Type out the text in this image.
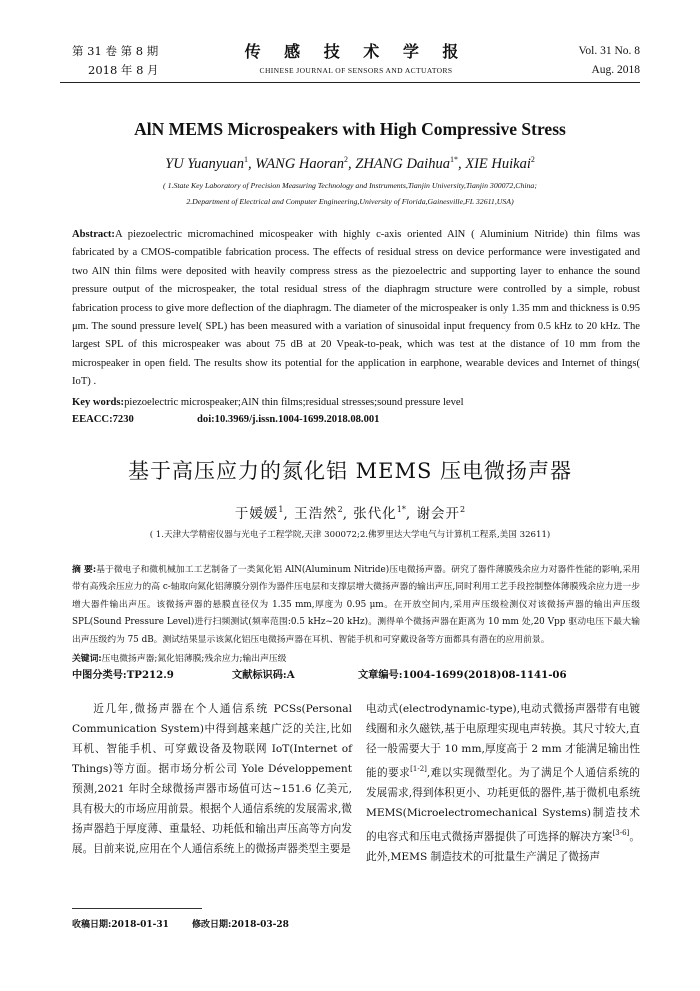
第 31 卷 第 8 期
2018 年 8 月
传 感 技 术 学 报
CHINESE JOURNAL OF SENSORS AND ACTUATORS
Vol. 31 No. 8
Aug. 2018
AlN MEMS Microspeakers with High Compressive Stress
YU Yuanyuan$^1$, WANG Haoran$^2$, ZHANG Daihua$^{1*}$, XIE Huikai$^2$
( 1.State Key Laboratory of Precision Measuring Technology and Instruments,Tianjin University,Tianjin 300072,China;
2.Department of Electrical and Computer Engineering,University of Florida,Gainesville,FL 32611,USA)
Abstract:A piezoelectric micromachined micospeaker with highly c-axis oriented AlN ( Aluminium Nitride) thin films was fabricated by a CMOS-compatible fabrication process. The effects of residual stress on device performance were investigated and two AlN thin films were deposited with heavily compress stress as the piezoelectric and supporting layer to enhance the sound pressure output of the microspeaker, the total residual stress of the diaphragm structure were controlled by a simple, robust fabrication process to give more deflection of the diaphragm. The diameter of the microspeaker is only 1.35 mm and thickness is 0.95 μm. The sound pressure level( SPL) has been measured with a variation of sinusoidal input frequency from 0.5 kHz to 20 kHz. The largest SPL of this microspeaker was about 75 dB at 20 Vpeak-to-peak, which was test at the distance of 10 mm from the microspeaker in open field. The results show its potential for the application in earphone, wearable devices and Internet of things( IoT) .
Key words:piezoelectric microspeaker;AlN thin films;residual stresses;sound pressure level
EEACC:7230	doi:10.3969/j.issn.1004-1699.2018.08.001
基于高压应力的氮化铝 MEMS 压电微扬声器
于媛媛$^1$, 王浩然$^2$, 张代化$^{1*}$, 谢会开$^2$
( 1.天津大学精密仪器与光电子工程学院,天津 300072;2.佛罗里达大学电气与计算机工程系,美国 32611)
摘 要:基于微电子和微机械加工工艺制备了一类氮化铝 AlN(Aluminum Nitride)压电微扬声器。研究了器件薄膜残余应力对器件性能的影响,采用带有高残余压应力的高 c-轴取向氮化铝薄膜分别作为器件压电层和支撑层增大微扬声器的输出声压,同时利用工艺手段控制整体薄膜残余应力进一步增大器件输出声压。该微扬声器的悬膜直径仅为 1.35 mm,厚度为 0.95 μm。在开放空间内,采用声压级检测仪对该微扬声器的输出声压级 SPL(Sound Pressure Level)进行扫频测试(频率范围:0.5 kHz~20 kHz)。测得单个微扬声器在距离为 10 mm 处,20 Vpp 驱动电压下最大输出声压级约为 75 dB。测试结果显示该氮化铝压电微扬声器在耳机、智能手机和可穿戴设备等方面都具有潜在的应用前景。
关键词:压电微扬声器;氮化铝薄膜;残余应力;输出声压级
中图分类号:TP212.9	文献标识码:A	文章编号:1004-1699(2018)08-1141-06

近几年,微扬声器在个人通信系统 PCSs(Personal Communication System)中得到越来越广泛的关注,比如耳机、智能手机、可穿戴设备及物联网 IoT(Internet of Things)等方面。据市场分析公司 Yole Développement 预测,2021 年时全球微扬声器市场值可达~151.6 亿美元,具有极大的市场应用前景。根据个人通信系统的发展需求,微扬声器趋于厚度薄、重量轻、功耗低和输出声压高等方向发展。目前来说,应用在个人通信系统上的微扬声器类型主要是

电动式(electrodynamic-type),电动式微扬声器带有电镀线圈和永久磁铁,基于电原理实现电声转换。其尺寸较大,直径一般需要大于 10 mm,厚度高于 2 mm 才能满足输出性能的要求[1-2],难以实现微型化。为了满足个人通信系统的发展需求,得到体积更小、功耗更低的器件,基于微机电系统 MEMS(Microelectromechanical Systems)制造技术的电容式和压电式微扬声器提供了可选择的解决方案[3-6]。此外,MEMS 制造技术的可批量生产满足了微扬声

收稿日期:2018-01-31	修改日期:2018-03-28
